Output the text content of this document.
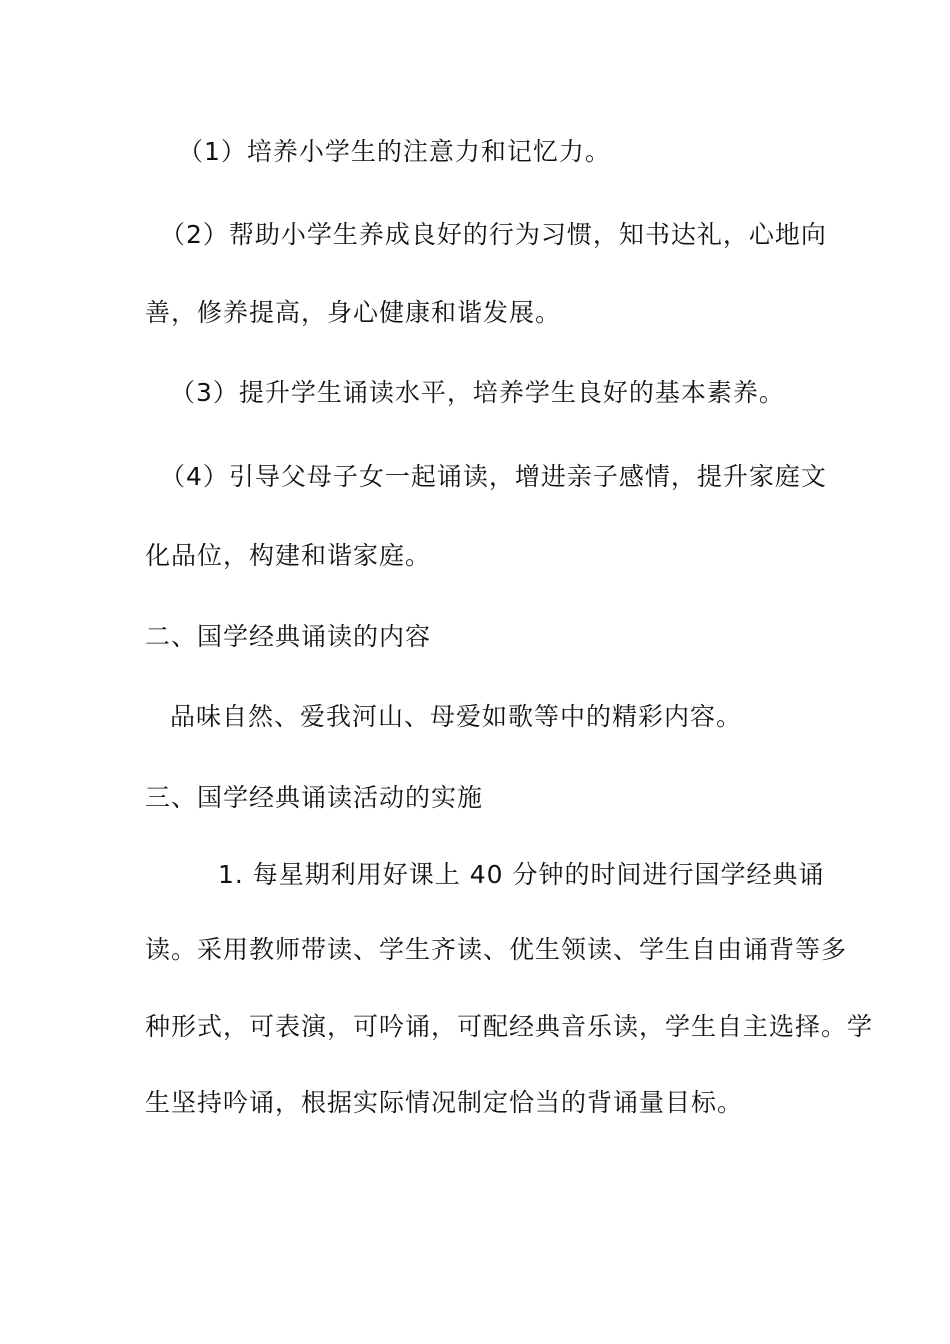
（1）培养小学生的注意力和记忆力。
（2）帮助小学生养成良好的行为习惯，知书达礼，心地向
善，修养提高，身心健康和谐发展。
（3）提升学生诵读水平，培养学生良好的基本素养。
（4）引导父母子女一起诵读，增进亲子感情，提升家庭文
化品位，构建和谐家庭。
二、国学经典诵读的内容
品味自然、爱我河山、母爱如歌等中的精彩内容。
三、国学经典诵读活动的实施
1. 每星期利用好课上 40 分钟的时间进行国学经典诵
读。采用教师带读、学生齐读、优生领读、学生自由诵背等多
种形式，可表演，可吟诵，可配经典音乐读，学生自主选择。学
生坚持吟诵，根据实际情况制定恰当的背诵量目标。
